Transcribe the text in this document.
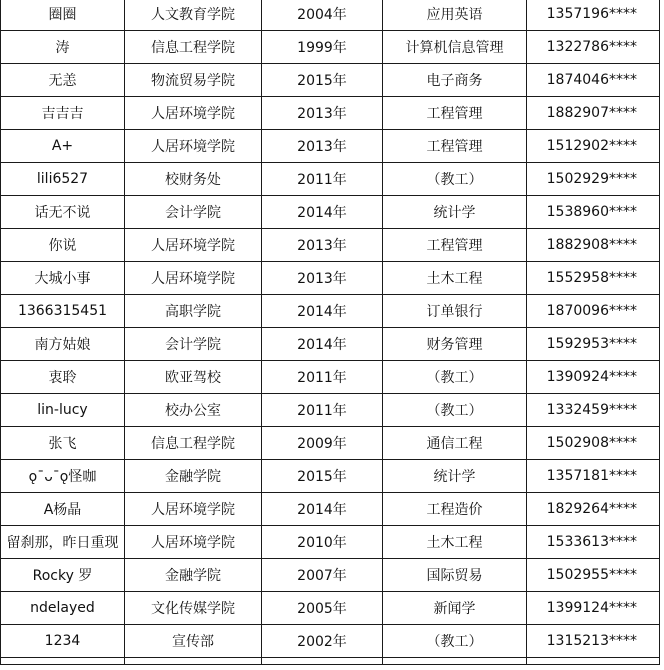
圈圈	人文教育学院	2004年	应用英语	1357196****
涛	信息工程学院	1999年	计算机信息管理	1322786****
无恙	物流贸易学院	2015年	电子商务	1874046****
吉吉吉	人居环境学院	2013年	工程管理	1882907****
A+	人居环境学院	2013年	工程管理	1512902****
lili6527	校财务处	2011年	（教工）	1502929****
话无不说	会计学院	2014年	统计学	1538960****
你说	人居环境学院	2013年	工程管理	1882908****
大城小事	人居环境学院	2013年	土木工程	1552958****
1366315451	高职学院	2014年	订单银行	1870096****
南方姑娘	会计学院	2014年	财务管理	1592953****
衷聆	欧亚驾校	2011年	（教工）	1390924****
lin-lucy	校办公室	2011年	（教工）	1332459****
张飞	信息工程学院	2009年	通信工程	1502908****
ǫ¯ᴗ¯ǫ怪咖	金融学院	2015年	统计学	1357181****
A杨晶	人居环境学院	2014年	工程造价	1829264****
留刹那，昨日重现	人居环境学院	2010年	土木工程	1533613****
Rocky 罗	金融学院	2007年	国际贸易	1502955****
ndelayed	文化传媒学院	2005年	新闻学	1399124****
1234	宣传部	2002年	（教工）	1315213****
